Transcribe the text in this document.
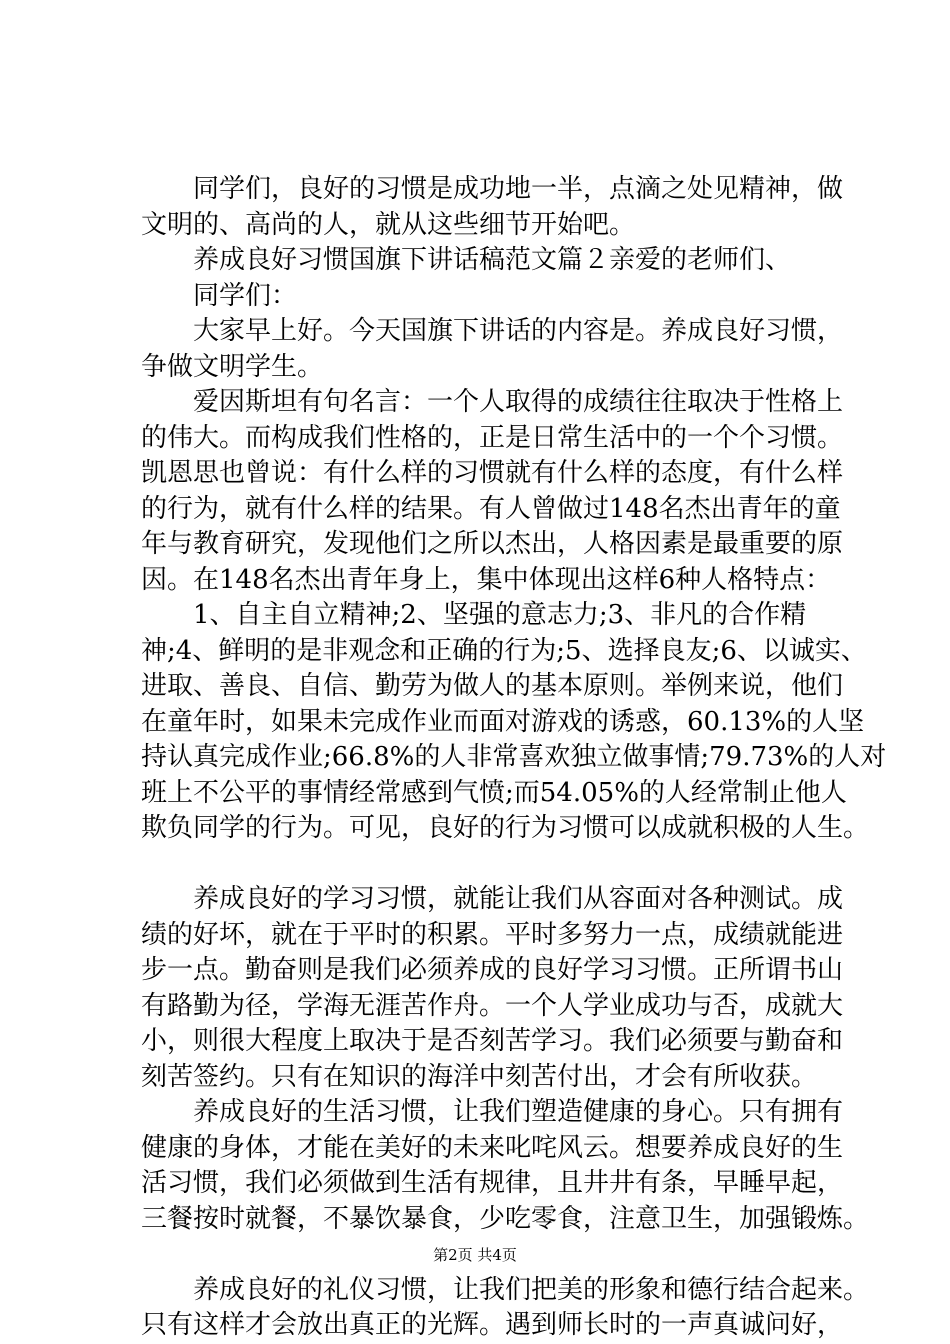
　　同学们，良好的习惯是成功地一半，点滴之处见精神，做
文明的、高尚的人，就从这些细节开始吧。
　　养成良好习惯国旗下讲话稿范文篇２亲爱的老师们、
　　同学们：
　　大家早上好。今天国旗下讲话的内容是。养成良好习惯，
争做文明学生。
　　爱因斯坦有句名言：一个人取得的成绩往往取决于性格上
的伟大。而构成我们性格的，正是日常生活中的一个个习惯。
凯恩思也曾说：有什么样的习惯就有什么样的态度，有什么样
的行为，就有什么样的结果。有人曾做过148名杰出青年的童
年与教育研究，发现他们之所以杰出，人格因素是最重要的原
因。在148名杰出青年身上，集中体现出这样6种人格特点：
　　1、自主自立精神;2、坚强的意志力;3、非凡的合作精
神;4、鲜明的是非观念和正确的行为;5、选择良友;6、以诚实、
进取、善良、自信、勤劳为做人的基本原则。举例来说，他们
在童年时，如果未完成作业而面对游戏的诱惑，60.13%的人坚
持认真完成作业;66.8%的人非常喜欢独立做事情;79.73%的人对
班上不公平的事情经常感到气愤;而54.05%的人经常制止他人
欺负同学的行为。可见，良好的行为习惯可以成就积极的人生。
　　养成良好的学习习惯，就能让我们从容面对各种测试。成
绩的好坏，就在于平时的积累。平时多努力一点，成绩就能进
步一点。勤奋则是我们必须养成的良好学习习惯。正所谓书山
有路勤为径，学海无涯苦作舟。一个人学业成功与否，成就大
小，则很大程度上取决于是否刻苦学习。我们必须要与勤奋和
刻苦签约。只有在知识的海洋中刻苦付出，才会有所收获。
　　养成良好的生活习惯，让我们塑造健康的身心。只有拥有
健康的身体，才能在美好的未来叱咤风云。想要养成良好的生
活习惯，我们必须做到生活有规律，且井井有条，早睡早起，
三餐按时就餐，不暴饮暴食，少吃零食，注意卫生，加强锻炼。
　　养成良好的礼仪习惯，让我们把美的形象和德行结合起来。
只有这样才会放出真正的光辉。遇到师长时的一声真诚问好，
第2页 共4页
